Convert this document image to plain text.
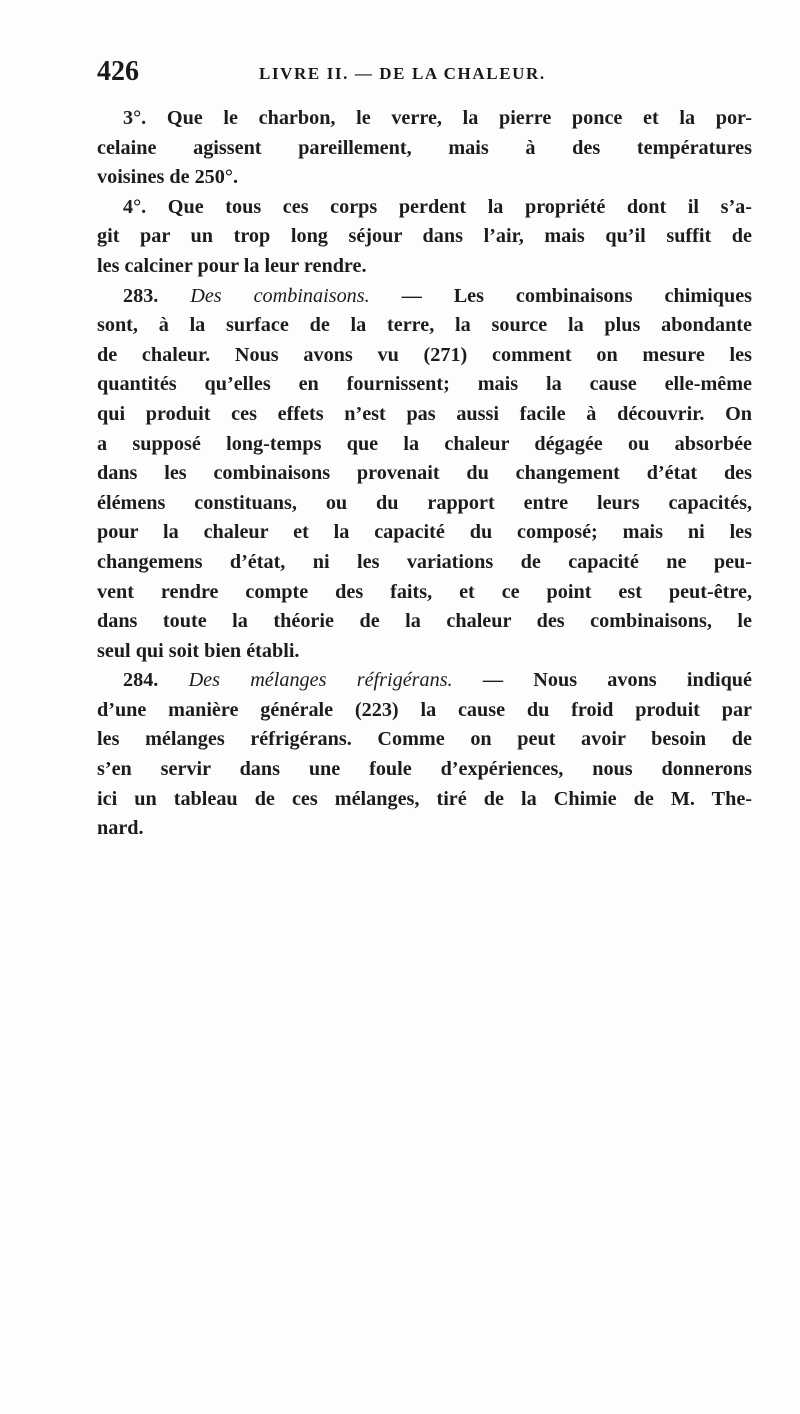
426	LIVRE II. — DE LA CHALEUR.

3°. Que le charbon, le verre, la pierre ponce et la por-
celaine agissent pareillement, mais à des températures
voisines de 250°.

4°. Que tous ces corps perdent la propriété dont il s’a-
git par un trop long séjour dans l’air, mais qu’il suffit de
les calciner pour la leur rendre.

283. Des combinaisons. — Les combinaisons chimiques
sont, à la surface de la terre, la source la plus abondante
de chaleur. Nous avons vu (271) comment on mesure les
quantités qu’elles en fournissent; mais la cause elle-même
qui produit ces effets n’est pas aussi facile à découvrir. On
a supposé long-temps que la chaleur dégagée ou absorbée
dans les combinaisons provenait du changement d’état des
élémens constituans, ou du rapport entre leurs capacités,
pour la chaleur et la capacité du composé; mais ni les
changemens d’état, ni les variations de capacité ne peu-
vent rendre compte des faits, et ce point est peut-être,
dans toute la théorie de la chaleur des combinaisons, le
seul qui soit bien établi.

284. Des mélanges réfrigérans. — Nous avons indiqué
d’une manière générale (223) la cause du froid produit par
les mélanges réfrigérans. Comme on peut avoir besoin de
s’en servir dans une foule d’expériences, nous donnerons
ici un tableau de ces mélanges, tiré de la Chimie de M. The-
nard.
